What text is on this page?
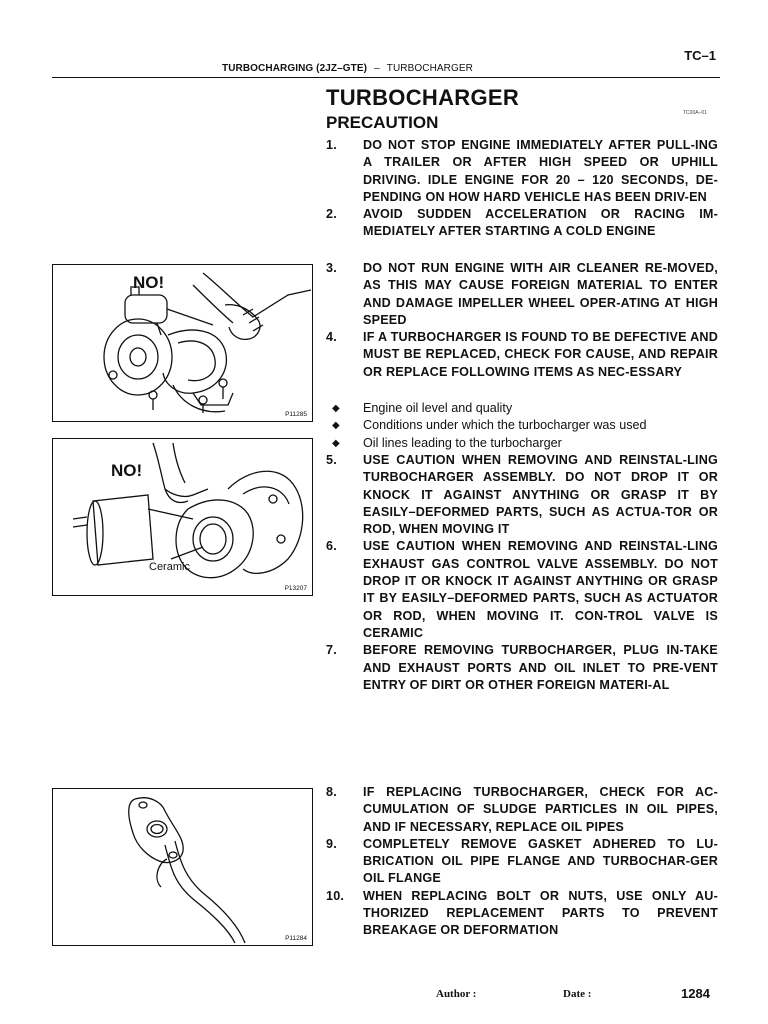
TC–1
TURBOCHARGING (2JZ–GTE) – TURBOCHARGER
TURBOCHARGER
TC00A–01
PRECAUTION
1.	DO NOT STOP ENGINE IMMEDIATELY AFTER PULL-ING A TRAILER OR AFTER HIGH SPEED OR UPHILL DRIVING. IDLE ENGINE FOR 20 – 120 SECONDS, DE-PENDING ON HOW HARD VEHICLE HAS BEEN DRIV-EN
2.	AVOID SUDDEN ACCELERATION OR RACING IM-MEDIATELY AFTER STARTING A COLD ENGINE
3.	DO NOT RUN ENGINE WITH AIR CLEANER RE-MOVED, AS THIS MAY CAUSE FOREIGN MATERIAL TO ENTER AND DAMAGE IMPELLER WHEEL OPER-ATING AT HIGH SPEED
4.	IF A TURBOCHARGER IS FOUND TO BE DEFECTIVE AND MUST BE REPLACED, CHECK FOR CAUSE, AND REPAIR OR REPLACE FOLLOWING ITEMS AS NEC-ESSARY
◆	Engine oil level and quality
◆	Conditions under which the turbocharger was used
◆	Oil lines leading to the turbocharger
5.	USE CAUTION WHEN REMOVING AND REINSTAL-LING TURBOCHARGER ASSEMBLY. DO NOT DROP IT OR KNOCK IT AGAINST ANYTHING OR GRASP IT BY EASILY–DEFORMED PARTS, SUCH AS ACTUA-TOR OR ROD, WHEN MOVING IT
6.	USE CAUTION WHEN REMOVING AND REINSTAL-LING EXHAUST GAS CONTROL VALVE ASSEMBLY. DO NOT DROP IT OR KNOCK IT AGAINST ANYTHING OR GRASP IT BY EASILY–DEFORMED PARTS, SUCH AS ACTUATOR OR ROD, WHEN MOVING IT. CON-TROL VALVE IS CERAMIC
7.	BEFORE REMOVING TURBOCHARGER, PLUG IN-TAKE AND EXHAUST PORTS AND OIL INLET TO PRE-VENT ENTRY OF DIRT OR OTHER FOREIGN MATERI-AL
8.	IF REPLACING TURBOCHARGER, CHECK FOR AC-CUMULATION OF SLUDGE PARTICLES IN OIL PIPES, AND IF NECESSARY, REPLACE OIL PIPES
9.	COMPLETELY REMOVE GASKET ADHERED TO LU-BRICATION OIL PIPE FLANGE AND TURBOCHAR-GER OIL FLANGE
10.	WHEN REPLACING BOLT OR NUTS, USE ONLY AU-THORIZED REPLACEMENT PARTS TO PREVENT BREAKAGE OR DEFORMATION
NO!
P11285
NO!
Ceramic
P13207
P11284
Author :	Date :	1284
